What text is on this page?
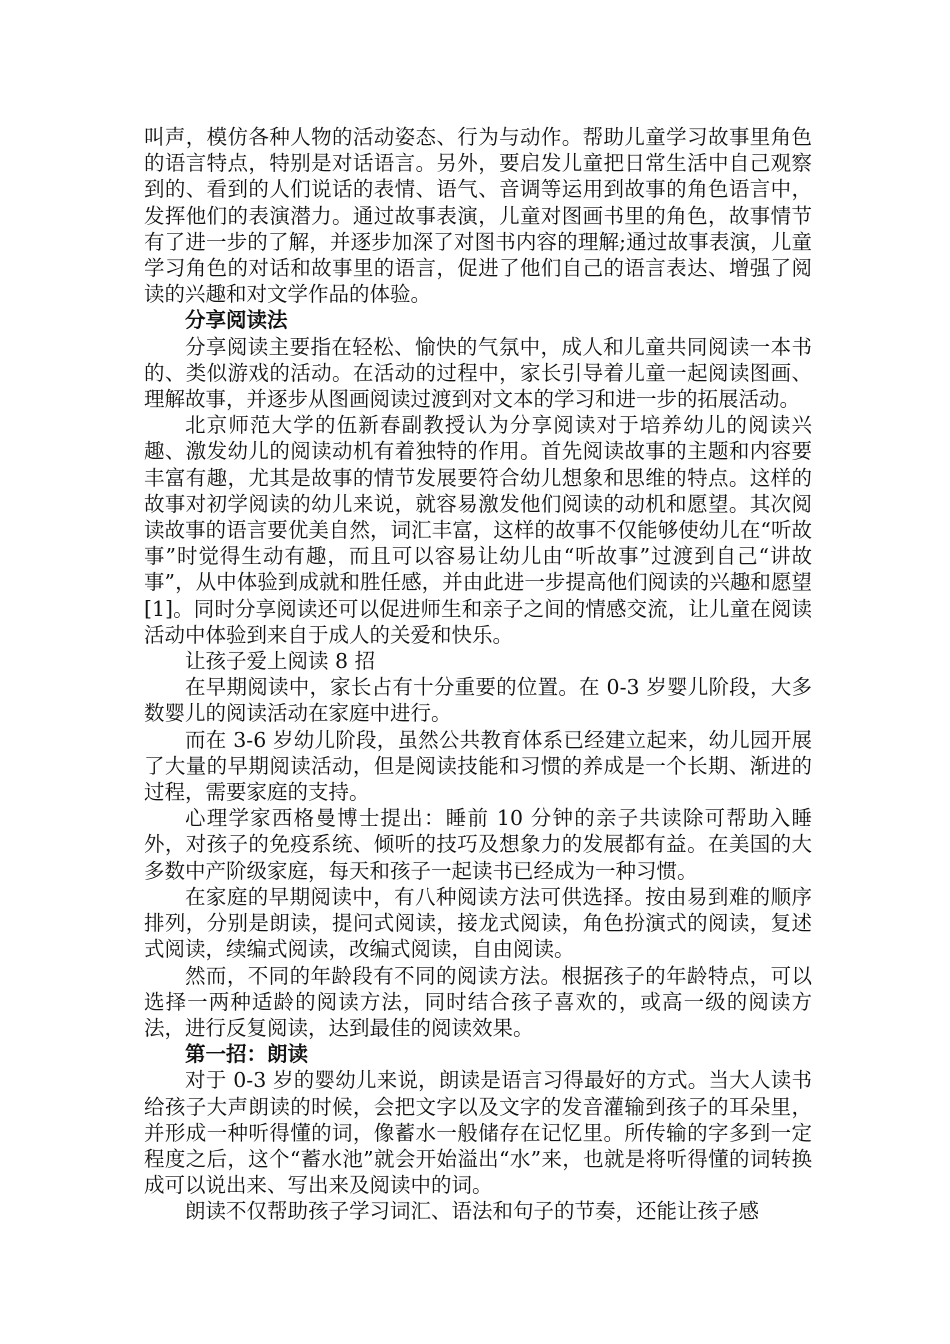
叫声，模仿各种人物的活动姿态、行为与动作。帮助儿童学习故事里角色的语言特点，特别是对话语言。另外，要启发儿童把日常生活中自己观察到的、看到的人们说话的表情、语气、音调等运用到故事的角色语言中，发挥他们的表演潜力。通过故事表演，儿童对图画书里的角色，故事情节有了进一步的了解，并逐步加深了对图书内容的理解;通过故事表演，儿童学习角色的对话和故事里的语言，促进了他们自己的语言表达、增强了阅读的兴趣和对文学作品的体验。

分享阅读法

分享阅读主要指在轻松、愉快的气氛中，成人和儿童共同阅读一本书的、类似游戏的活动。在活动的过程中，家长引导着儿童一起阅读图画、理解故事，并逐步从图画阅读过渡到对文本的学习和进一步的拓展活动。

北京师范大学的伍新春副教授认为分享阅读对于培养幼儿的阅读兴趣、激发幼儿的阅读动机有着独特的作用。首先阅读故事的主题和内容要丰富有趣，尤其是故事的情节发展要符合幼儿想象和思维的特点。这样的故事对初学阅读的幼儿来说，就容易激发他们阅读的动机和愿望。其次阅读故事的语言要优美自然，词汇丰富，这样的故事不仅能够使幼儿在“听故事”时觉得生动有趣，而且可以容易让幼儿由“听故事”过渡到自己“讲故事”，从中体验到成就和胜任感，并由此进一步提高他们阅读的兴趣和愿望[1]。同时分享阅读还可以促进师生和亲子之间的情感交流，让儿童在阅读活动中体验到来自于成人的关爱和快乐。

让孩子爱上阅读 8 招

在早期阅读中，家长占有十分重要的位置。在 0-3 岁婴儿阶段，大多数婴儿的阅读活动在家庭中进行。

而在 3-6 岁幼儿阶段，虽然公共教育体系已经建立起来，幼儿园开展了大量的早期阅读活动，但是阅读技能和习惯的养成是一个长期、渐进的过程，需要家庭的支持。

心理学家西格曼博士提出：睡前 10 分钟的亲子共读除可帮助入睡外，对孩子的免疫系统、倾听的技巧及想象力的发展都有益。在美国的大多数中产阶级家庭，每天和孩子一起读书已经成为一种习惯。

在家庭的早期阅读中，有八种阅读方法可供选择。按由易到难的顺序排列，分别是朗读，提问式阅读，接龙式阅读，角色扮演式的阅读，复述式阅读，续编式阅读，改编式阅读，自由阅读。

然而，不同的年龄段有不同的阅读方法。根据孩子的年龄特点，可以选择一两种适龄的阅读方法，同时结合孩子喜欢的，或高一级的阅读方法，进行反复阅读，达到最佳的阅读效果。

第一招：朗读

对于 0-3 岁的婴幼儿来说，朗读是语言习得最好的方式。当大人读书给孩子大声朗读的时候，会把文字以及文字的发音灌输到孩子的耳朵里，并形成一种听得懂的词，像蓄水一般储存在记忆里。所传输的字多到一定程度之后，这个“蓄水池”就会开始溢出“水”来，也就是将听得懂的词转换成可以说出来、写出来及阅读中的词。

朗读不仅帮助孩子学习词汇、语法和句子的节奏，还能让孩子感
